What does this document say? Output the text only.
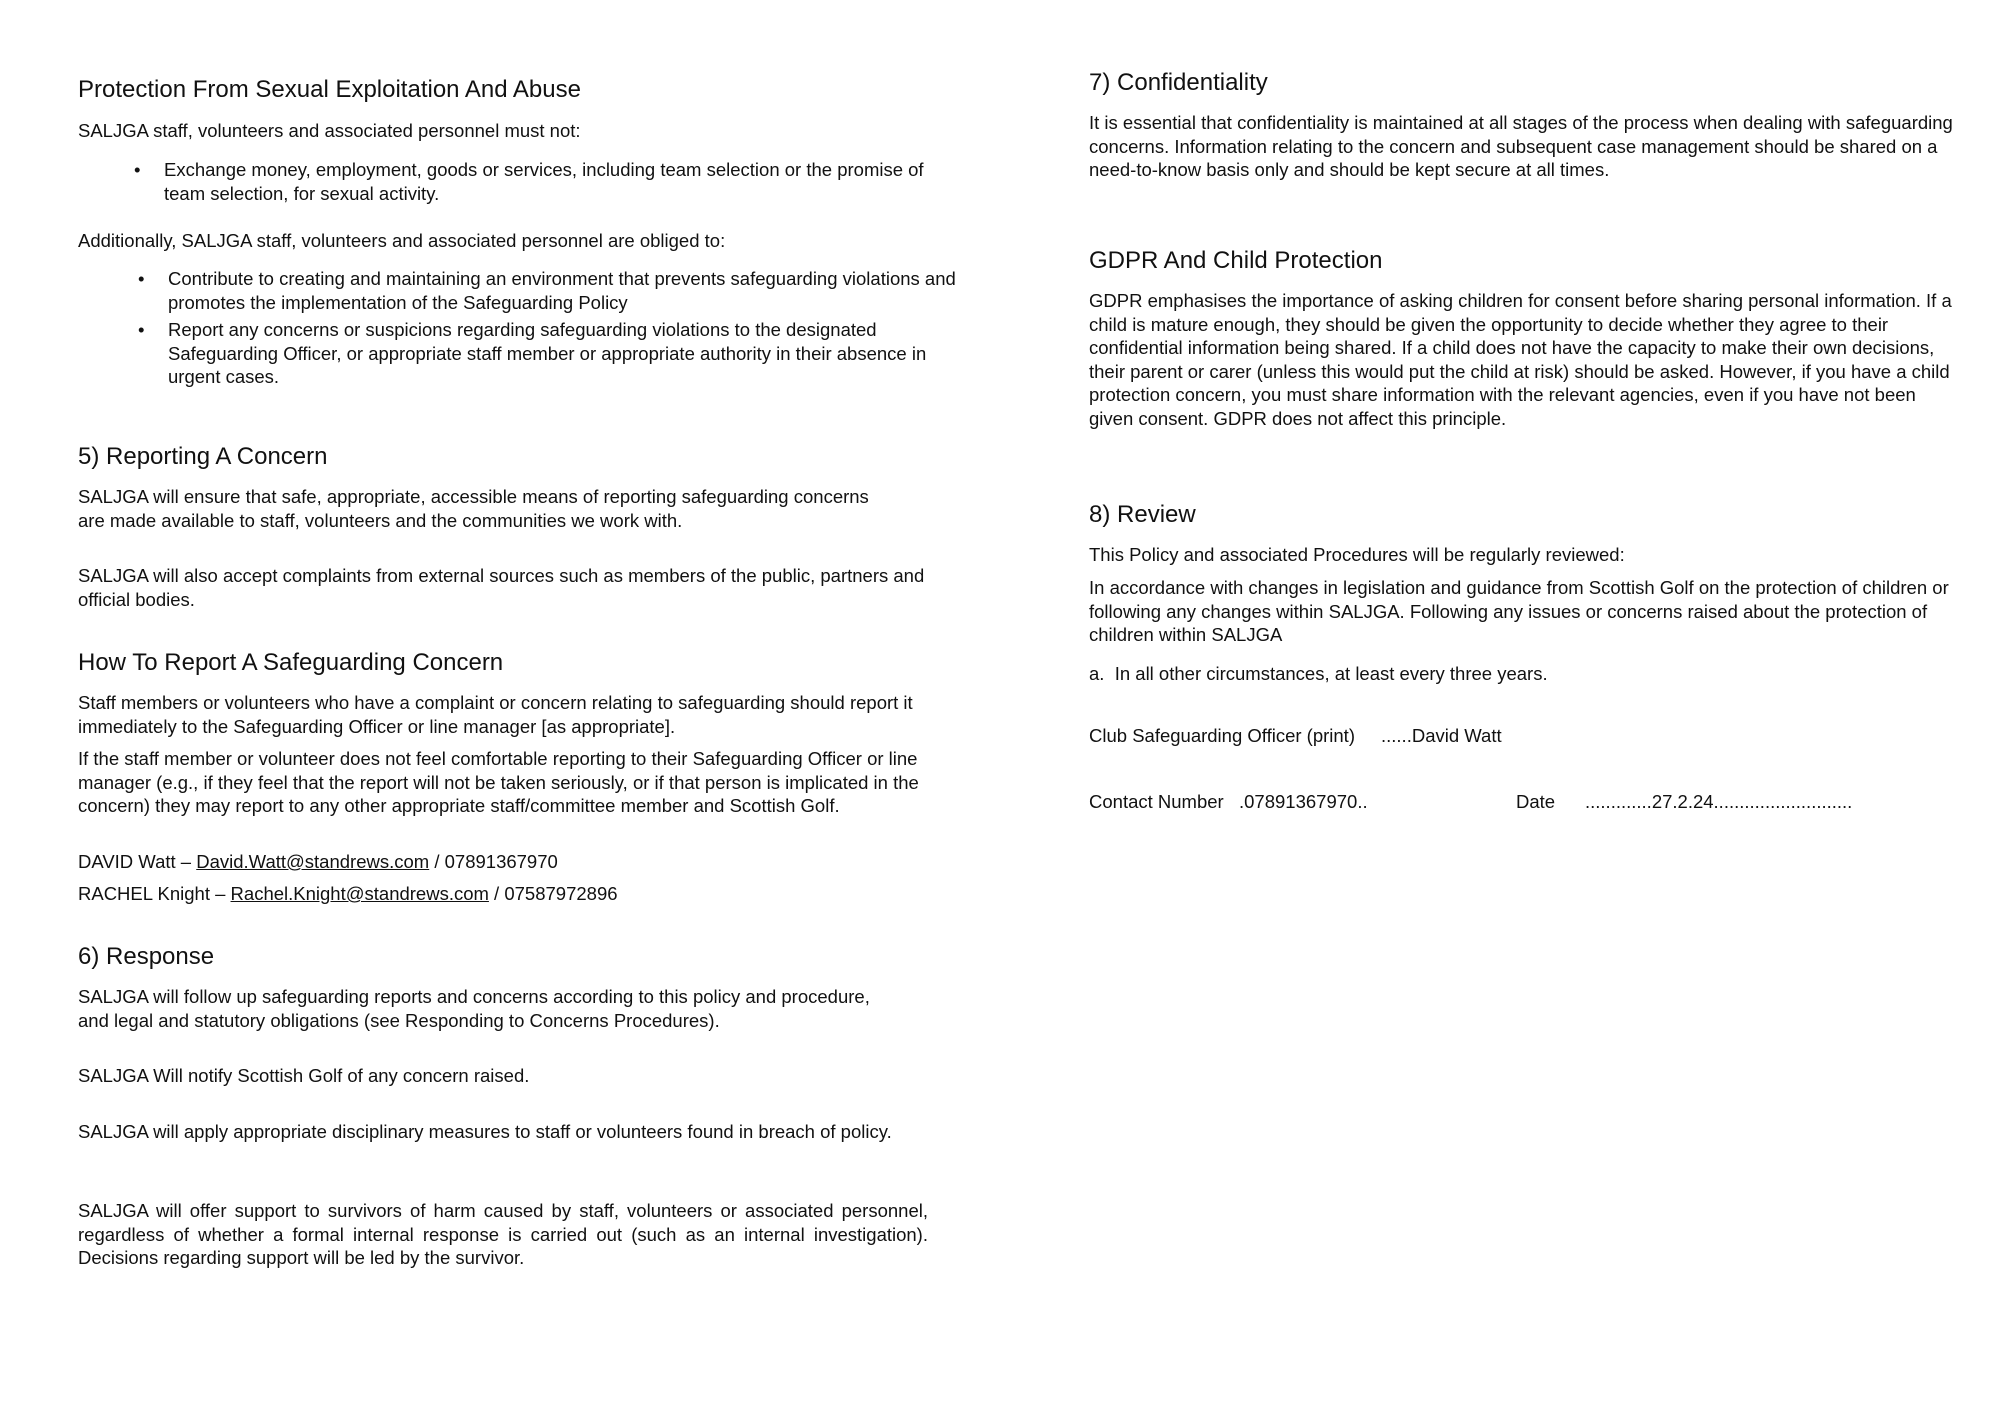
Protection From Sexual Exploitation And Abuse

SALJGA staff, volunteers and associated personnel must not:

• Exchange money, employment, goods or services, including team selection or the promise of team selection, for sexual activity.

Additionally, SALJGA staff, volunteers and associated personnel are obliged to:

• Contribute to creating and maintaining an environment that prevents safeguarding violations and promotes the implementation of the Safeguarding Policy
• Report any concerns or suspicions regarding safeguarding violations to the designated Safeguarding Officer, or appropriate staff member or appropriate authority in their absence in urgent cases.
5) Reporting A Concern

SALJGA will ensure that safe, appropriate, accessible means of reporting safeguarding concerns are made available to staff, volunteers and the communities we work with.

SALJGA will also accept complaints from external sources such as members of the public, partners and official bodies.

How To Report A Safeguarding Concern

Staff members or volunteers who have a complaint or concern relating to safeguarding should report it immediately to the Safeguarding Officer or line manager [as appropriate].

If the staff member or volunteer does not feel comfortable reporting to their Safeguarding Officer or line manager (e.g., if they feel that the report will not be taken seriously, or if that person is implicated in the concern) they may report to any other appropriate staff/committee member and Scottish Golf.

DAVID Watt – David.Watt@standrews.com / 07891367970

RACHEL Knight – Rachel.Knight@standrews.com / 07587972896

6) Response

SALJGA will follow up safeguarding reports and concerns according to this policy and procedure, and legal and statutory obligations (see Responding to Concerns Procedures).

SALJGA Will notify Scottish Golf of any concern raised.

SALJGA will apply appropriate disciplinary measures to staff or volunteers found in breach of policy.

SALJGA will offer support to survivors of harm caused by staff, volunteers or associated personnel, regardless of whether a formal internal response is carried out (such as an internal investigation). Decisions regarding support will be led by the survivor.

7) Confidentiality

It is essential that confidentiality is maintained at all stages of the process when dealing with safeguarding concerns. Information relating to the concern and subsequent case management should be shared on a need-to-know basis only and should be kept secure at all times.

GDPR And Child Protection

GDPR emphasises the importance of asking children for consent before sharing personal information. If a child is mature enough, they should be given the opportunity to decide whether they agree to their confidential information being shared. If a child does not have the capacity to make their own decisions, their parent or carer (unless this would put the child at risk) should be asked. However, if you have a child protection concern, you must share information with the relevant agencies, even if you have not been given consent. GDPR does not affect this principle.

8) Review

This Policy and associated Procedures will be regularly reviewed:

In accordance with changes in legislation and guidance from Scottish Golf on the protection of children or following any changes within SALJGA. Following any issues or concerns raised about the protection of children within SALJGA

a. In all other circumstances, at least every three years.

Club Safeguarding Officer (print) ......David Watt
Contact Number .07891367970..	Date .............27.2.24...........................
